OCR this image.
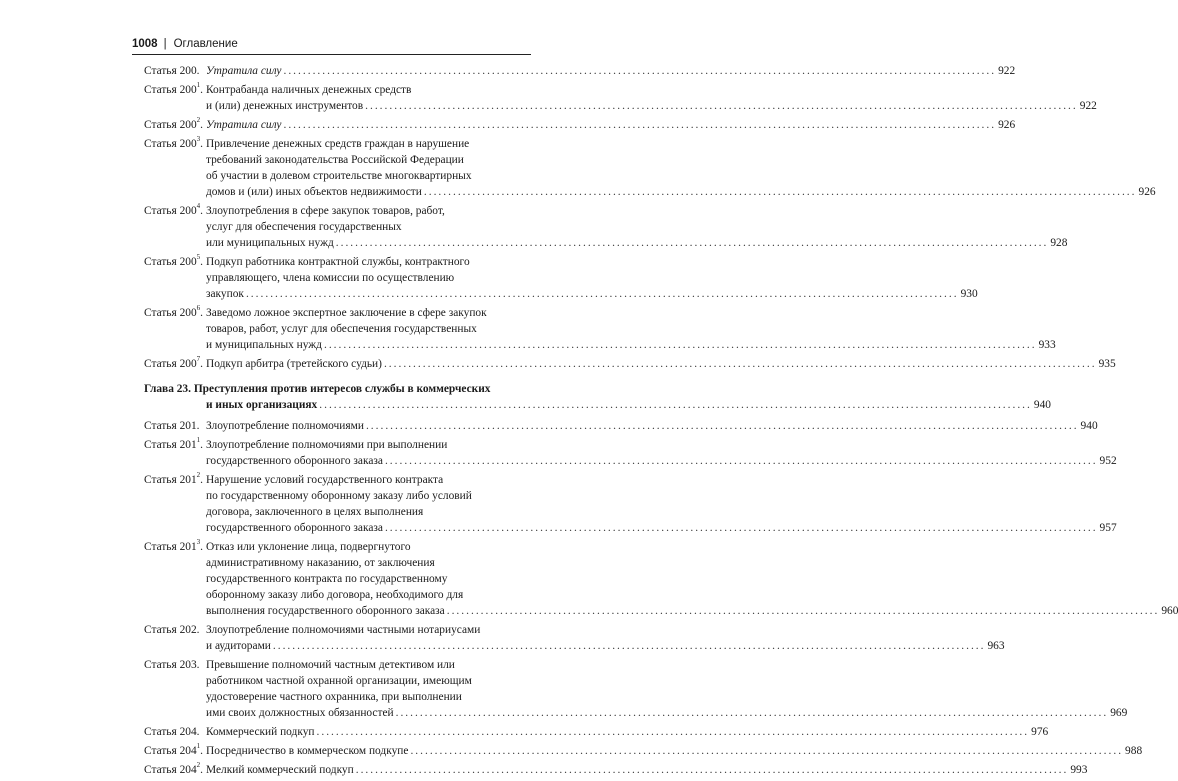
1008 | Оглавление
Статья 200. Утратила силу .....	922
Статья $200^1$. Контрабанда наличных денежных средств
и (или) денежных инструментов .....	922
Статья $200^2$. Утратила силу .....	926
Статья $200^3$. Привлечение денежных средств граждан в нарушение
требований законодательства Российской Федерации
об участии в долевом строительстве многоквартирных
домов и (или) иных объектов недвижимости .....	926
Статья $200^4$. Злоупотребления в сфере закупок товаров, работ,
услуг для обеспечения государственных
или муниципальных нужд .....	928
Статья $200^5$. Подкуп работника контрактной службы, контрактного
управляющего, члена комиссии по осуществлению
закупок .....	930
Статья $200^6$. Заведомо ложное экспертное заключение в сфере закупок
товаров, работ, услуг для обеспечения государственных
и муниципальных нужд .....	933
Статья $200^7$. Подкуп арбитра (третейского судьи) .....	935
Глава 23. Преступления против интересов службы в коммерческих
и иных организациях .....	940
Статья 201. Злоупотребление полномочиями .....	940
Статья $201^1$. Злоупотребление полномочиями при выполнении
государственного оборонного заказа .....	952
Статья $201^2$. Нарушение условий государственного контракта
по государственному оборонному заказу либо условий
договора, заключенного в целях выполнения
государственного оборонного заказа .....	957
Статья $201^3$. Отказ или уклонение лица, подвергнутого
административному наказанию, от заключения
государственного контракта по государственному
оборонному заказу либо договора, необходимого для
выполнения государственного оборонного заказа .....	960
Статья 202. Злоупотребление полномочиями частными нотариусами
и аудиторами .....	963
Статья 203. Превышение полномочий частным детективом или
работником частной охранной организации, имеющим
удостоверение частного охранника, при выполнении
ими своих должностных обязанностей .....	969
Статья 204. Коммерческий подкуп .....	976
Статья $204^1$. Посредничество в коммерческом подкупе .....	988
Статья $204^2$. Мелкий коммерческий подкуп .....	993
